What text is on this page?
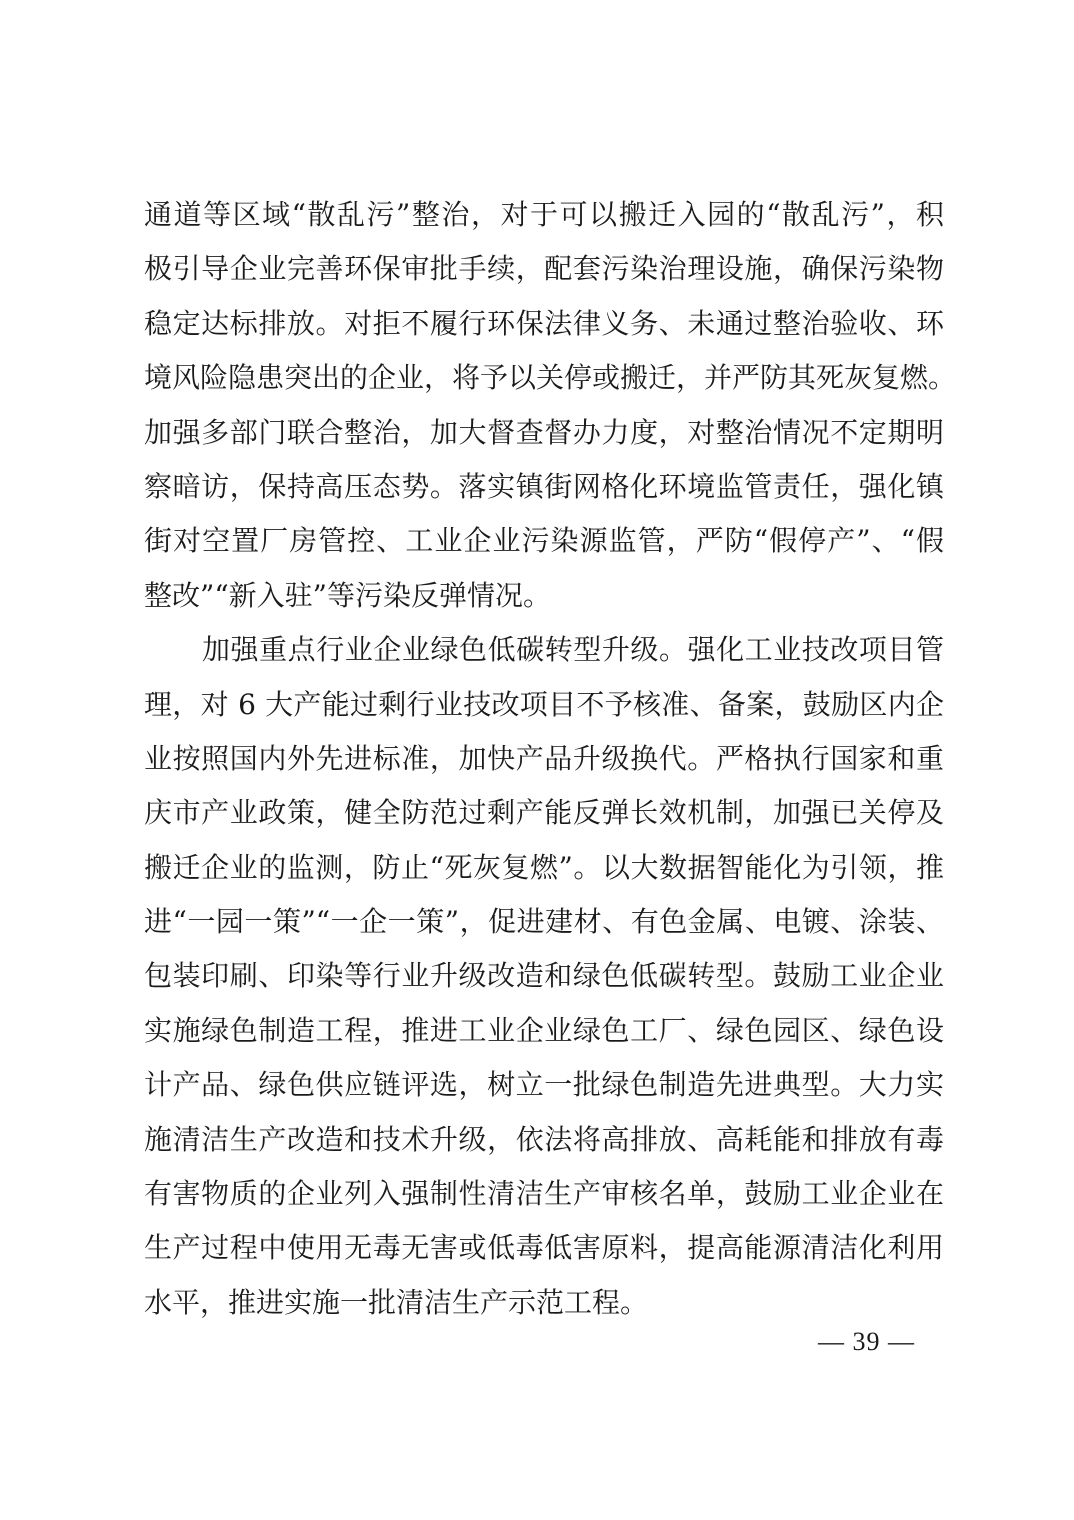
通道等区域“散乱污”整治，对于可以搬迁入园的“散乱污”，积
极引导企业完善环保审批手续，配套污染治理设施，确保污染物
稳定达标排放。对拒不履行环保法律义务、未通过整治验收、环
境风险隐患突出的企业，将予以关停或搬迁，并严防其死灰复燃。
加强多部门联合整治，加大督查督办力度，对整治情况不定期明
察暗访，保持高压态势。落实镇街网格化环境监管责任，强化镇
街对空置厂房管控、工业企业污染源监管，严防“假停产”、“假
整改”“新入驻”等污染反弹情况。
加强重点行业企业绿色低碳转型升级。强化工业技改项目管
理，对 6 大产能过剩行业技改项目不予核准、备案，鼓励区内企
业按照国内外先进标准，加快产品升级换代。严格执行国家和重
庆市产业政策，健全防范过剩产能反弹长效机制，加强已关停及
搬迁企业的监测，防止“死灰复燃”。以大数据智能化为引领，推
进“一园一策”“一企一策”，促进建材、有色金属、电镀、涂装、
包装印刷、印染等行业升级改造和绿色低碳转型。鼓励工业企业
实施绿色制造工程，推进工业企业绿色工厂、绿色园区、绿色设
计产品、绿色供应链评选，树立一批绿色制造先进典型。大力实
施清洁生产改造和技术升级，依法将高排放、高耗能和排放有毒
有害物质的企业列入强制性清洁生产审核名单，鼓励工业企业在
生产过程中使用无毒无害或低毒低害原料，提高能源清洁化利用
水平，推进实施一批清洁生产示范工程。
— 39 —
